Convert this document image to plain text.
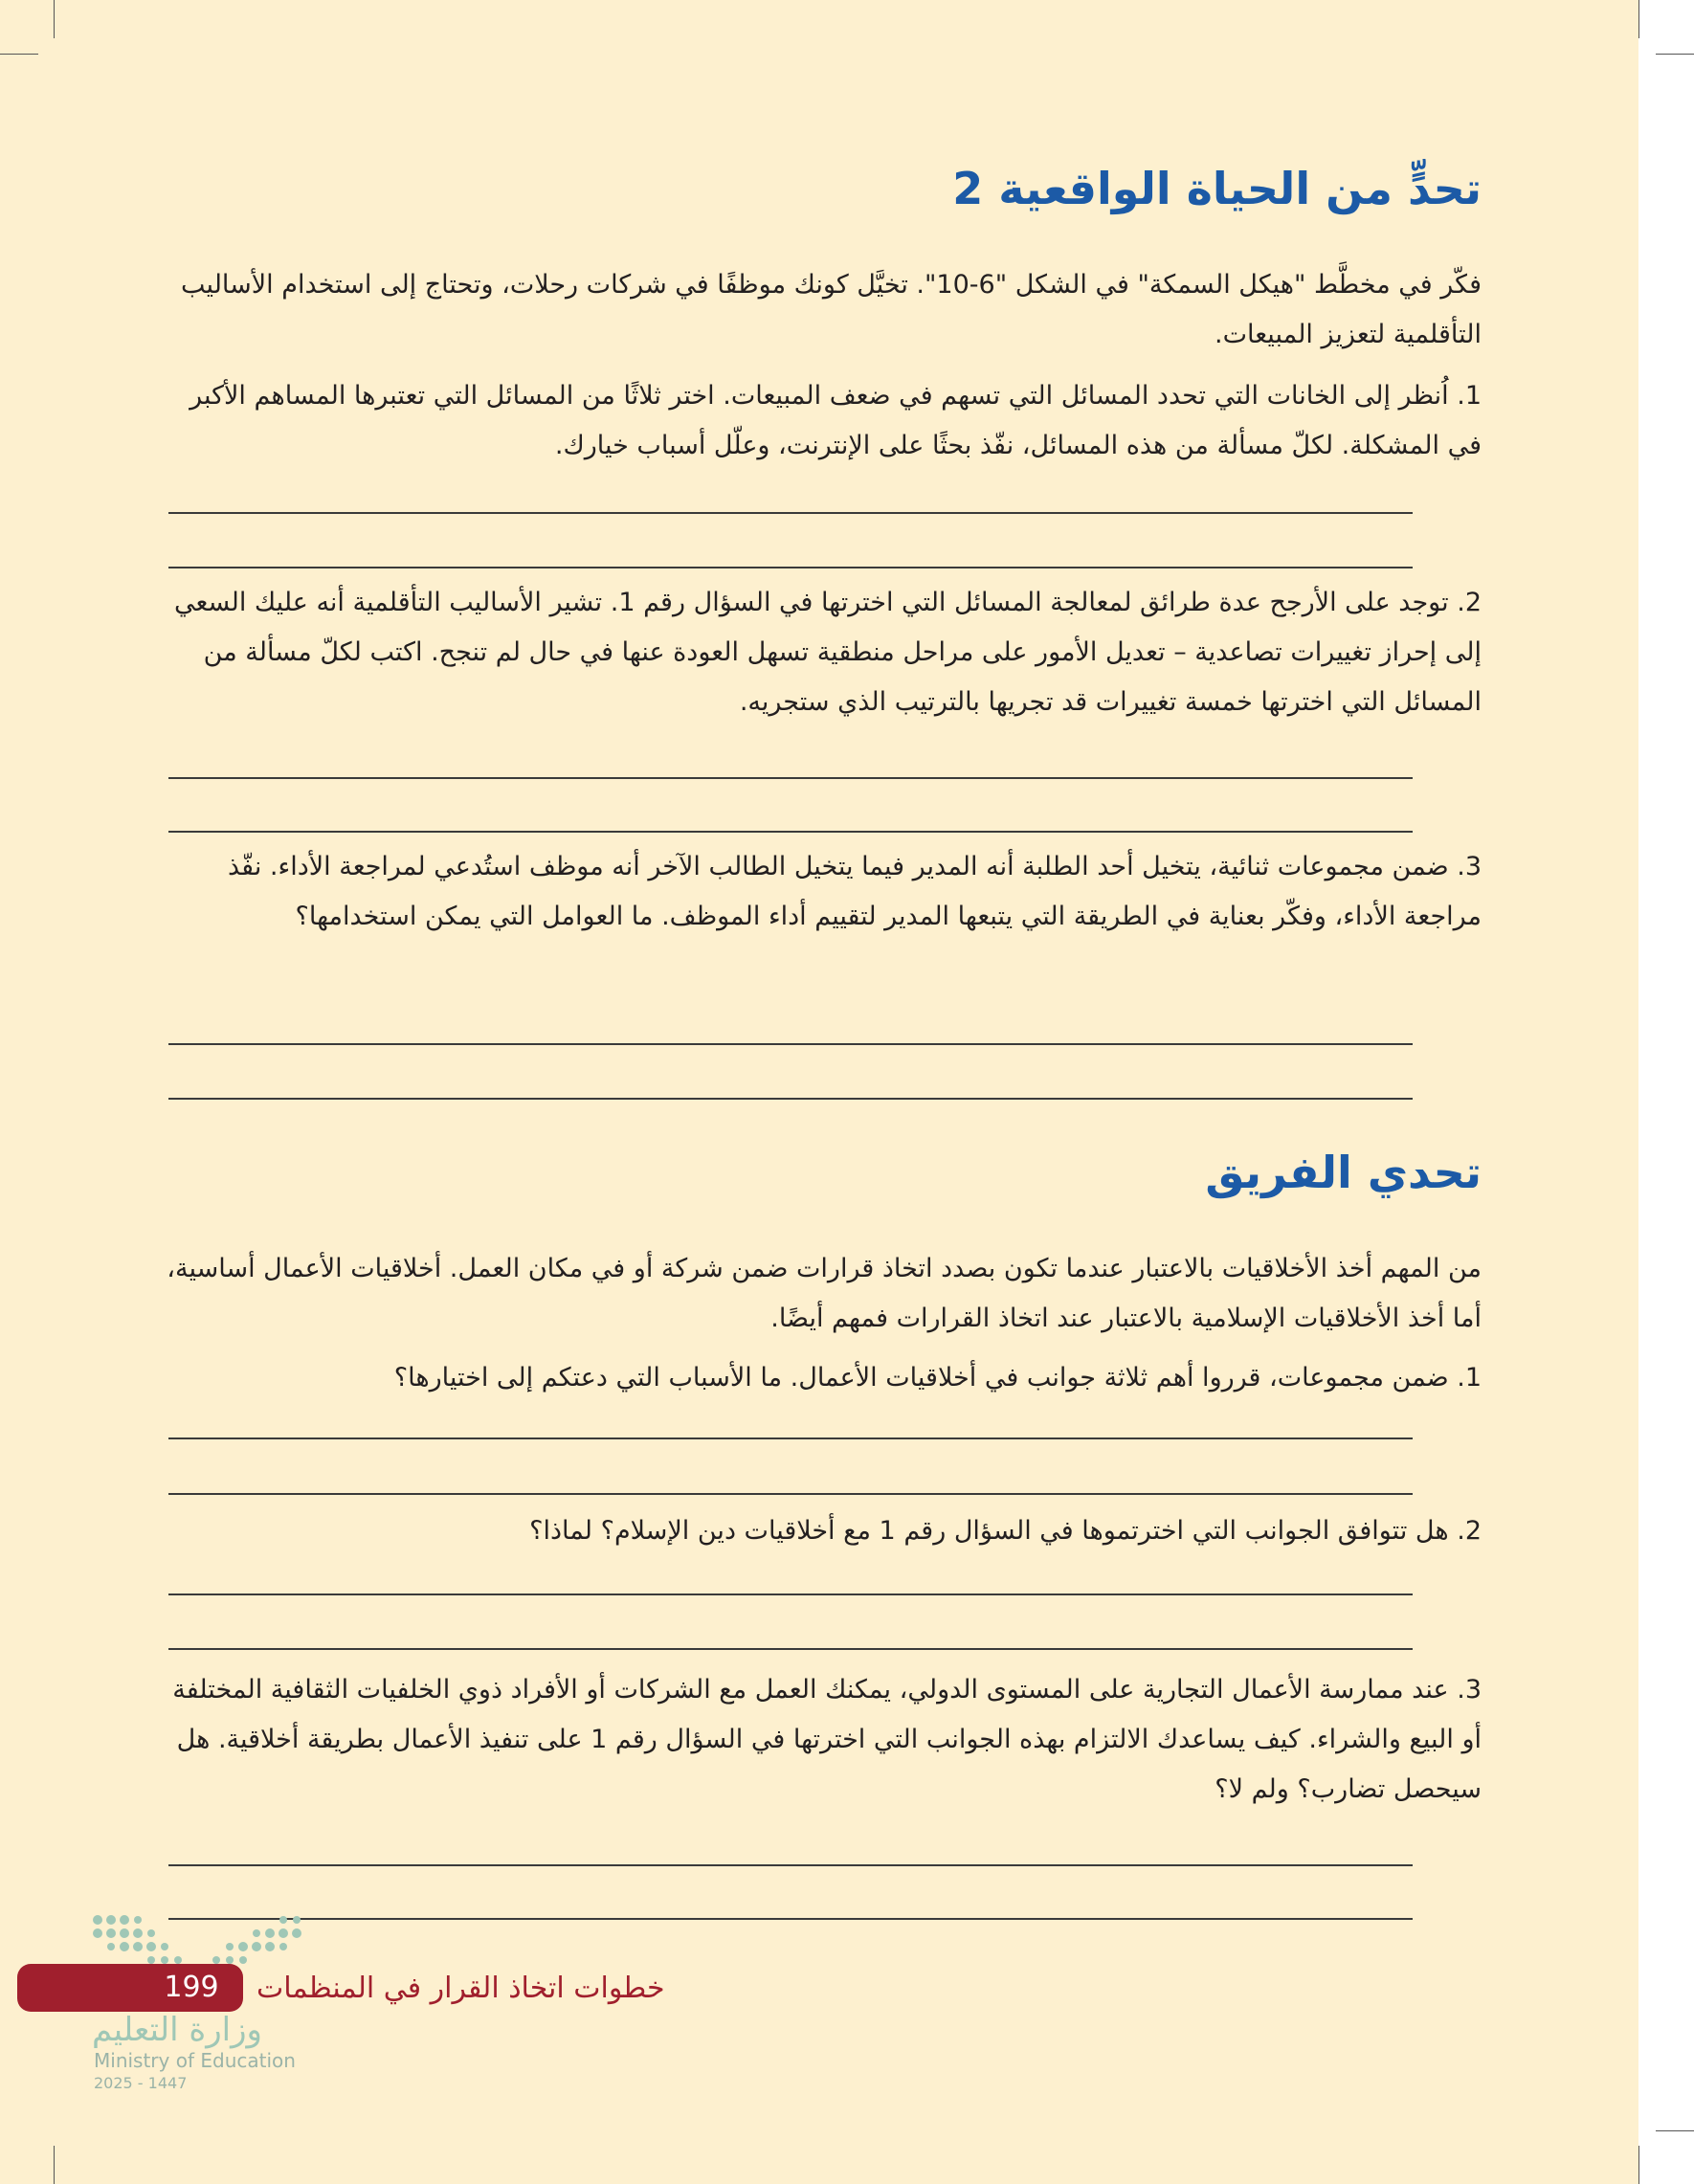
تحدٍّ من الحياة الواقعية 2

فكّر في مخطَّط "هيكل السمكة" في الشكل "6-10". تخيَّل كونك موظفًا في شركات رحلات، وتحتاج إلى استخدام الأساليب التأقلمية لتعزيز المبيعات.

1. اُنظر إلى الخانات التي تحدد المسائل التي تسهم في ضعف المبيعات. اختر ثلاثًا من المسائل التي تعتبرها المساهم الأكبر في المشكلة. لكلّ مسألة من هذه المسائل، نفّذ بحثًا على الإنترنت، وعلّل أسباب خيارك.

2. توجد على الأرجح عدة طرائق لمعالجة المسائل التي اخترتها في السؤال رقم 1. تشير الأساليب التأقلمية أنه عليك السعي إلى إحراز تغييرات تصاعدية – تعديل الأمور على مراحل منطقية تسهل العودة عنها في حال لم تنجح. اكتب لكلّ مسألة من المسائل التي اخترتها خمسة تغييرات قد تجريها بالترتيب الذي ستجريه.

3. ضمن مجموعات ثنائية، يتخيل أحد الطلبة أنه المدير فيما يتخيل الطالب الآخر أنه موظف استُدعي لمراجعة الأداء. نفّذ مراجعة الأداء، وفكّر بعناية في الطريقة التي يتبعها المدير لتقييم أداء الموظف. ما العوامل التي يمكن استخدامها؟

تحدي الفريق

من المهم أخذ الأخلاقيات بالاعتبار عندما تكون بصدد اتخاذ قرارات ضمن شركة أو في مكان العمل. أخلاقيات الأعمال أساسية، أما أخذ الأخلاقيات الإسلامية بالاعتبار عند اتخاذ القرارات فمهم أيضًا.

1. ضمن مجموعات، قرروا أهم ثلاثة جوانب في أخلاقيات الأعمال. ما الأسباب التي دعتكم إلى اختيارها؟

2. هل تتوافق الجوانب التي اخترتموها في السؤال رقم 1 مع أخلاقيات دين الإسلام؟ لماذا؟

3. عند ممارسة الأعمال التجارية على المستوى الدولي، يمكنك العمل مع الشركات أو الأفراد ذوي الخلفيات الثقافية المختلفة أو البيع والشراء. كيف يساعدك الالتزام بهذه الجوانب التي اخترتها في السؤال رقم 1 على تنفيذ الأعمال بطريقة أخلاقية. هل سيحصل تضارب؟ ولم لا؟

199	خطوات اتخاذ القرار في المنظمات
وزارة التعليم
Ministry of Education
2025 - 1447
